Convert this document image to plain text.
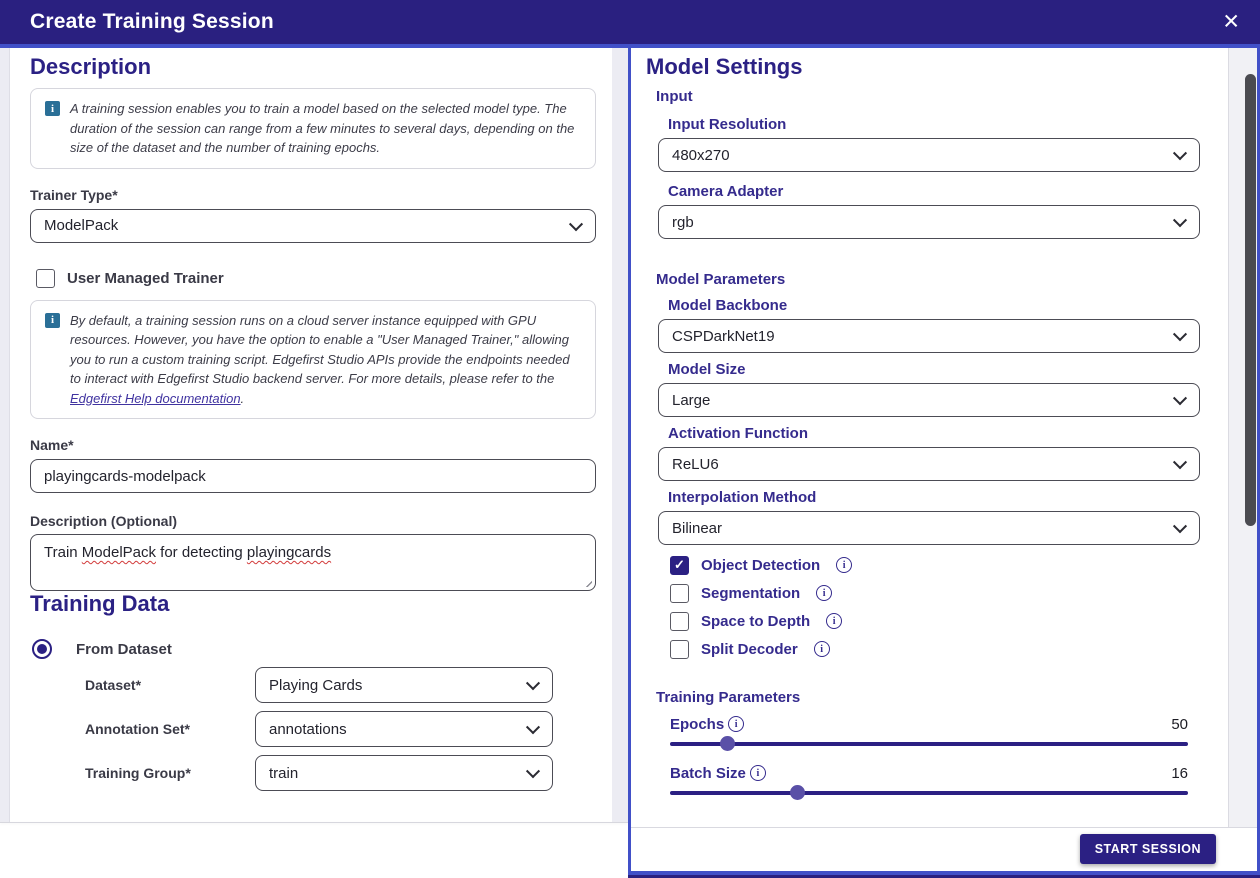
Create Training Session	✕
Description
i	A training session enables you to train a model based on the selected model type. The duration of the session can range from a few minutes to several days, depending on the size of the dataset and the number of training epochs.
Trainer Type*
ModelPack
User Managed Trainer
i	By default, a training session runs on a cloud server instance equipped with GPU resources. However, you have the option to enable a "User Managed Trainer," allowing you to run a custom training script. Edgefirst Studio APIs provide the endpoints needed to interact with Edgefirst Studio backend server. For more details, please refer to the Edgefirst Help documentation.
Name*
playingcards-modelpack
Description (Optional)
Train ModelPack for detecting playingcards
Training Data
From Dataset
Dataset*	Playing Cards
Annotation Set*	annotations
Training Group*	train
Model Settings
Input
Input Resolution
480x270
Camera Adapter
rgb
Model Parameters
Model Backbone
CSPDarkNet19
Model Size
Large
Activation Function
ReLU6
Interpolation Method
Bilinear
✓ Object Detection	i
Segmentation	i
Space to Depth	i
Split Decoder	i
Training Parameters
Epochs	i	50
Batch Size	i	16
START SESSION
